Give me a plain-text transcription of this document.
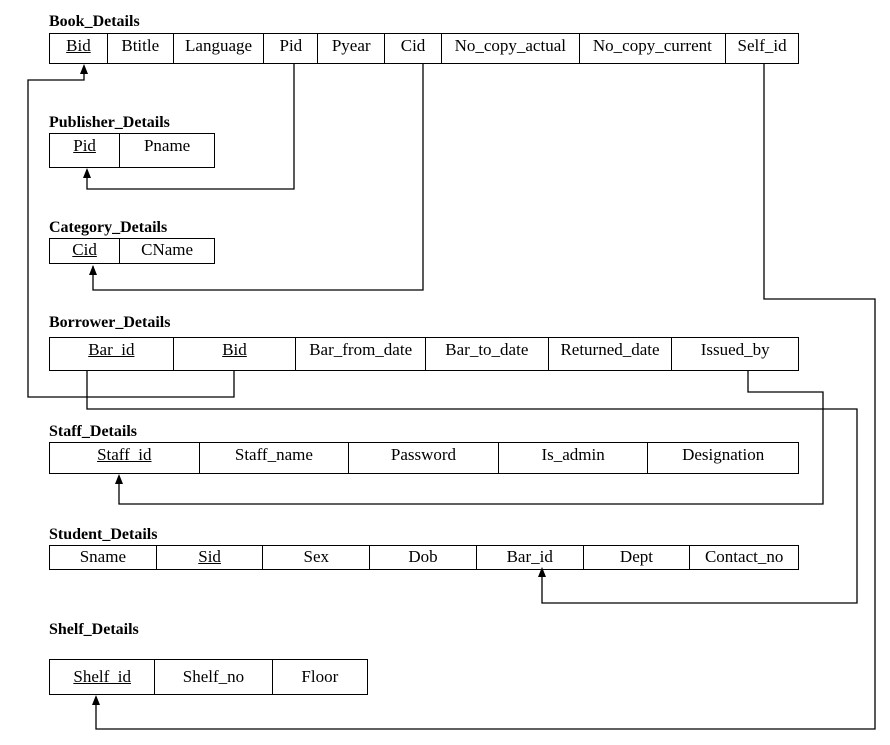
Book_Details
Bid	Btitle	Language	Pid	Pyear	Cid	No_copy_actual	No_copy_current	Self_id
Publisher_Details
Pid	Pname
Category_Details
Cid	CName
Borrower_Details
Bar_id	Bid	Bar_from_date	Bar_to_date	Returned_date	Issued_by
Staff_Details
Staff_id	Staff_name	Password	Is_admin	Designation
Student_Details
Sname	Sid	Sex	Dob	Bar_id	Dept	Contact_no
Shelf_Details
Shelf_id	Shelf_no	Floor
